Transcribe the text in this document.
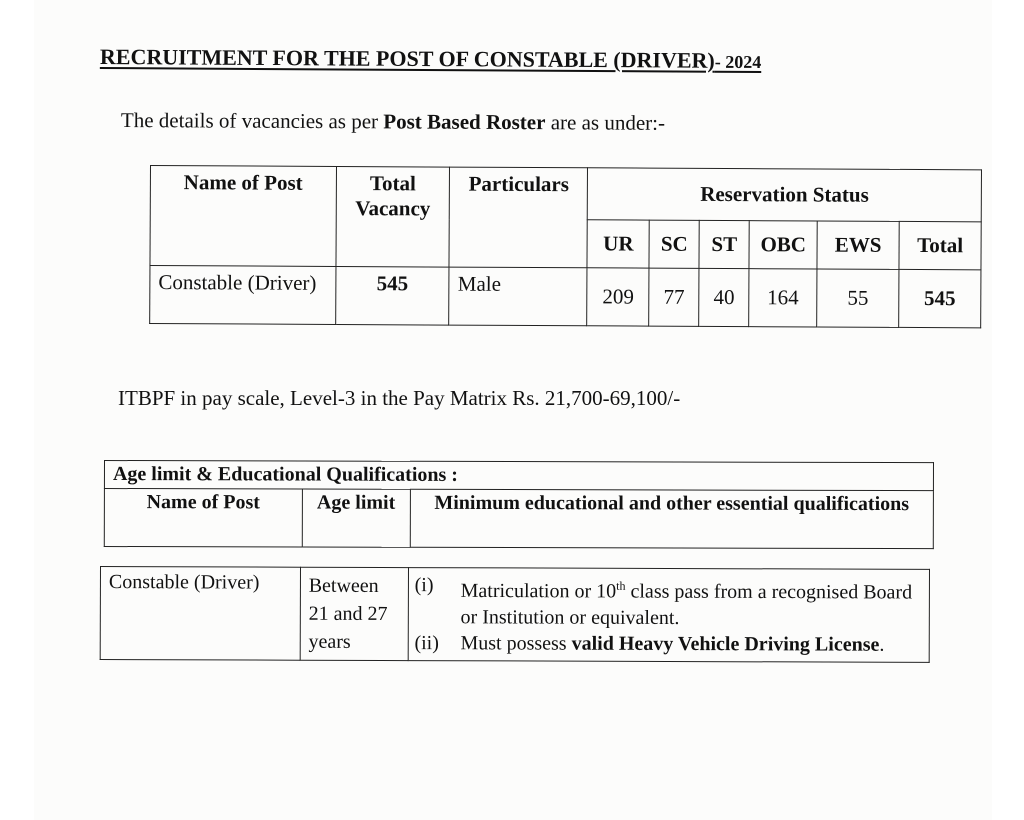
RECRUITMENT FOR THE POST OF CONSTABLE (DRIVER)- 2024
The details of vacancies as per Post Based Roster are as under:-
Name of Post	Total Vacancy	Particulars	Reservation Status					
			UR	SC	ST	OBC	EWS	Total
Constable (Driver)	545	Male	209	77	40	164	55	545
ITBPF in pay scale, Level-3 in the Pay Matrix Rs. 21,700-69,100/-
Age limit & Educational Qualifications :
Name of Post	Age limit	Minimum educational and other essential qualifications
Constable (Driver)	Between 21 and 27 years	
(i)	Matriculation or 10th class pass from a recognised Board or Institution or equivalent.
(ii)	Must possess valid Heavy Vehicle Driving License.
